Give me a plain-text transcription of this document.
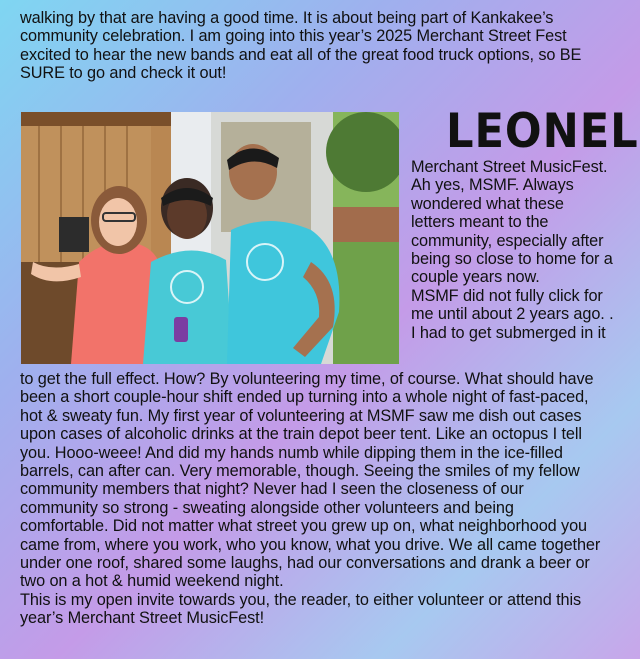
walking by that are having a good time. It is about being part of Kankakee’s
community celebration. I am going into this year’s 2025 Merchant Street Fest
excited to hear the new bands and eat all of the great food truck options, so BE
SURE to go and check it out!
LEONEL
Merchant Street MusicFest.
Ah yes, MSMF. Always
wondered what these
letters meant to the
community, especially after
being so close to home for a
couple years now.
MSMF did not fully click for
me until about 2 years ago. .
I had to get submerged in it
to get the full effect. How? By volunteering my time, of course. What should have
been a short couple-hour shift ended up turning into a whole night of fast-paced,
hot & sweaty fun. My first year of volunteering at MSMF saw me dish out cases
upon cases of alcoholic drinks at the train depot beer tent. Like an octopus I tell
you. Hooo-weee! And did my hands numb while dipping them in the ice-filled
barrels, can after can. Very memorable, though. Seeing the smiles of my fellow
community members that night? Never had I seen the closeness of our
community so strong - sweating alongside other volunteers and being
comfortable. Did not matter what street you grew up on, what neighborhood you
came from, where you work, who you know, what you drive. We all came together
under one roof, shared some laughs, had our conversations and drank a beer or
two on a hot & humid weekend night.
This is my open invite towards you, the reader, to either volunteer or attend this
year’s Merchant Street MusicFest!
